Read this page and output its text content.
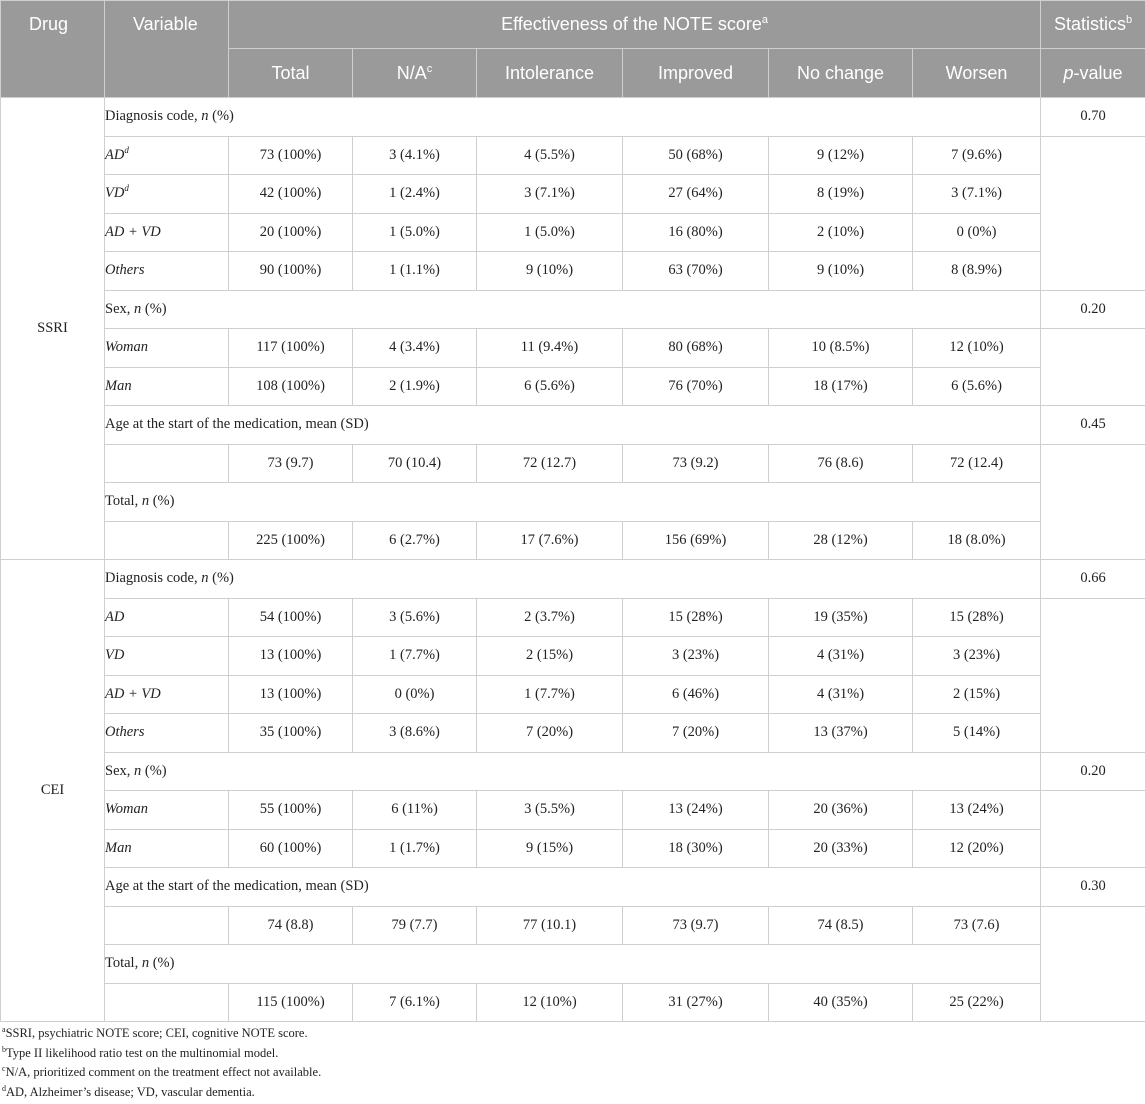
Drug	Variable	Effectiveness of the NOTE score$^a$						Statistics$^b$
		Total	$N/A^c$	Intolerance	Improved	No change	Worsen	p-value
SSRI	Diagnosis code, n (%)							0.70
	$AD^d$	73 (100%)	3 (4.1%)	4 (5.5%)	50 (68%)	9 (12%)	7 (9.6%)	
	$VD^d$	42 (100%)	1 (2.4%)	3 (7.1%)	27 (64%)	8 (19%)	3 (7.1%)	
	AD + VD	20 (100%)	1 (5.0%)	1 (5.0%)	16 (80%)	2 (10%)	0 (0%)	
	Others	90 (100%)	1 (1.1%)	9 (10%)	63 (70%)	9 (10%)	8 (8.9%)	
	Sex, n (%)							0.20
	Woman	117 (100%)	4 (3.4%)	11 (9.4%)	80 (68%)	10 (8.5%)	12 (10%)	
	Man	108 (100%)	2 (1.9%)	6 (5.6%)	76 (70%)	18 (17%)	6 (5.6%)	
	Age at the start of the medication, mean (SD)							0.45
		73 (9.7)	70 (10.4)	72 (12.7)	73 (9.2)	76 (8.6)	72 (12.4)	
	Total, n (%)							
		225 (100%)	6 (2.7%)	17 (7.6%)	156 (69%)	28 (12%)	18 (8.0%)	
CEI	Diagnosis code, n (%)							0.66
	AD	54 (100%)	3 (5.6%)	2 (3.7%)	15 (28%)	19 (35%)	15 (28%)	
	VD	13 (100%)	1 (7.7%)	2 (15%)	3 (23%)	4 (31%)	3 (23%)	
	AD + VD	13 (100%)	0 (0%)	1 (7.7%)	6 (46%)	4 (31%)	2 (15%)	
	Others	35 (100%)	3 (8.6%)	7 (20%)	7 (20%)	13 (37%)	5 (14%)	
	Sex, n (%)							0.20
	Woman	55 (100%)	6 (11%)	3 (5.5%)	13 (24%)	20 (36%)	13 (24%)	
	Man	60 (100%)	1 (1.7%)	9 (15%)	18 (30%)	20 (33%)	12 (20%)	
	Age at the start of the medication, mean (SD)							0.30
		74 (8.8)	79 (7.7)	77 (10.1)	73 (9.7)	74 (8.5)	73 (7.6)	
	Total, n (%)							
		115 (100%)	7 (6.1%)	12 (10%)	31 (27%)	40 (35%)	25 (22%)	
$^a$SSRI, psychiatric NOTE score; CEI, cognitive NOTE score.
$^b$Type II likelihood ratio test on the multinomial model.
$^c$N/A, prioritized comment on the treatment effect not available.
$^d$AD, Alzheimer’s disease; VD, vascular dementia.
